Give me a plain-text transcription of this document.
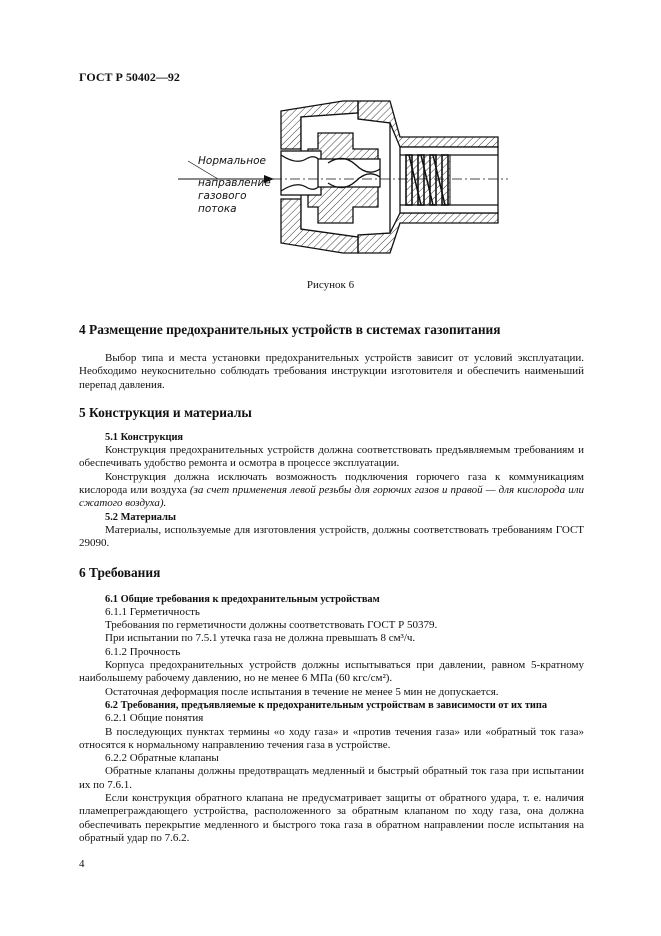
ГОСТ Р 50402—92
Нормальное
направление
газового
потока
Рисунок 6

4 Размещение предохранительных устройств в системах газопитания

Выбор типа и места установки предохранительных устройств зависит от условий эксплуатации. Необходимо неукоснительно соблюдать требования инструкции изготовителя и обеспечить наименьший перепад давления.

5 Конструкция и материалы

5.1 Конструкция

Конструкция предохранительных устройств должна соответствовать предъявляемым требованиям и обеспечивать удобство ремонта и осмотра в процессе эксплуатации.

Конструкция должна исключать возможность подключения горючего газа к коммуникациям кислорода или воздуха (за счет применения левой резьбы для горючих газов и правой — для кислорода или сжатого воздуха).

5.2 Материалы

Материалы, используемые для изготовления устройств, должны соответствовать требованиям ГОСТ 29090.

6 Требования

6.1 Общие требования к предохранительным устройствам

6.1.1 Герметичность

Требования по герметичности должны соответствовать ГОСТ Р 50379.

При испытании по 7.5.1 утечка газа не должна превышать 8 см³/ч.

6.1.2 Прочность

Корпуса предохранительных устройств должны испытываться при давлении, равном 5-кратному наибольшему рабочему давлению, но не менее 6 МПа (60 кгс/см²).

Остаточная деформация после испытания в течение не менее 5 мин не допускается.

6.2 Требования, предъявляемые к предохранительным устройствам в зависимости от их типа

6.2.1 Общие понятия

В последующих пунктах термины «о ходу газа» и «против течения газа» или «обратный ток газа» относятся к нормальному направлению течения газа в устройстве.

6.2.2 Обратные клапаны

Обратные клапаны должны предотвращать медленный и быстрый обратный ток газа при испытании их по 7.6.1.

Если конструкция обратного клапана не предусматривает защиты от обратного удара, т. е. наличия пламепреграждающего устройства, расположенного за обратным клапаном по ходу газа, она должна обеспечивать перекрытие медленного и быстрого тока газа в обратном направлении после испытания на обратный удар по 7.6.2.

4
